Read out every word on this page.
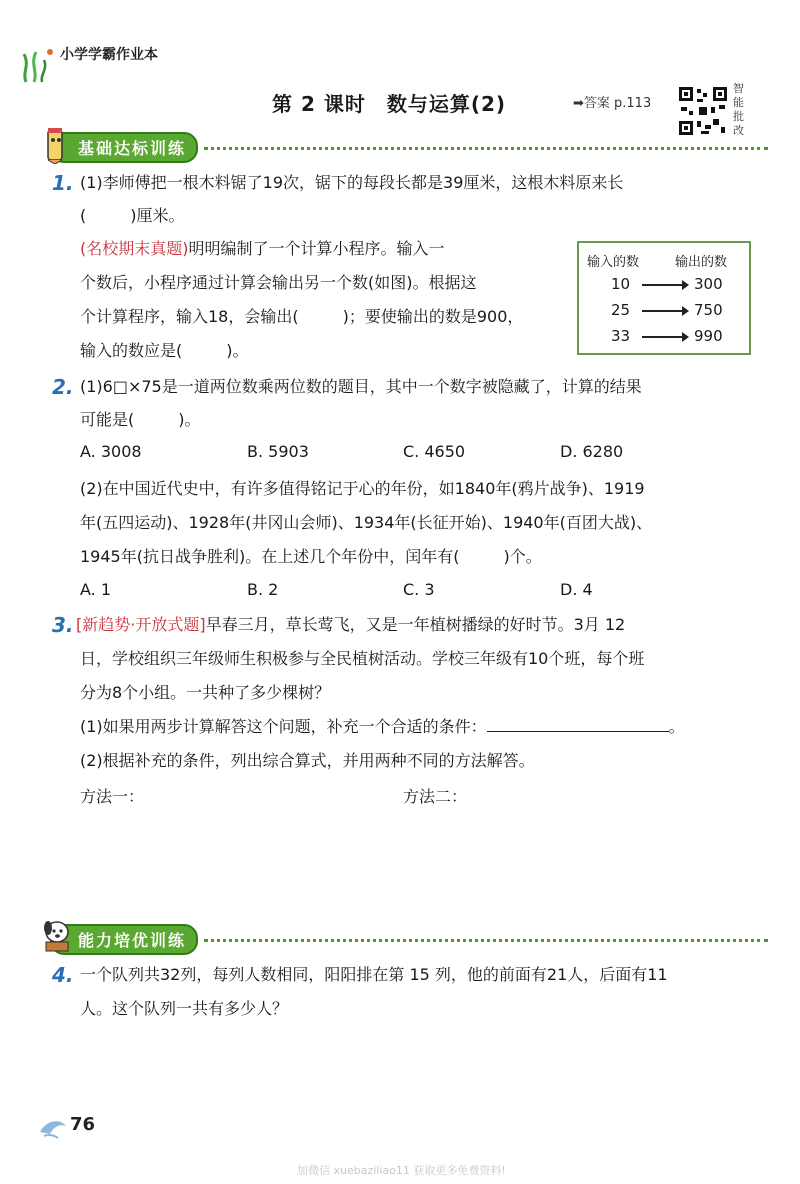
小学学霸作业本
第 2 课时　数与运算(2)	➡答案 p.113
智
能
批
改
基础达标训练
1. (1)李师傅把一根木料锯了19次，锯下的每段长都是39厘米，这根木料原来长
(	)厘米。
(名校期末真题)明明编制了一个计算小程序。输入一
个数后，小程序通过计算会输出另一个数(如图)。根据这
个计算程序，输入18，会输出(	)；要使输出的数是900，
输入的数应是(	)。
输入的数	输出的数
10	300
25	750
33	990
2. (1)6□×75是一道两位数乘两位数的题目，其中一个数字被隐藏了，计算的结果
可能是(	)。
A. 3008	B. 5903	C. 4650	D. 6280
(2)在中国近代史中，有许多值得铭记于心的年份，如1840年(鸦片战争)、1919
年(五四运动)、1928年(井冈山会师)、1934年(长征开始)、1940年(百团大战)、
1945年(抗日战争胜利)。在上述几个年份中，闰年有(	)个。
A. 1	B. 2	C. 3	D. 4
3. [新趋势·开放式题]早春三月，草长莺飞，又是一年植树播绿的好时节。3月 12
日，学校组织三年级师生积极参与全民植树活动。学校三年级有10个班，每个班
分为8个小组。一共种了多少棵树？
(1)如果用两步计算解答这个问题，补充一个合适的条件：	。
(2)根据补充的条件，列出综合算式，并用两种不同的方法解答。
方法一：	方法二：
能力培优训练
4. 一个队列共32列，每列人数相同，阳阳排在第 15 列，他的前面有21人，后面有11
人。这个队列一共有多少人？
76
加微信 xuebaziliao11 获取更多免费资料!
